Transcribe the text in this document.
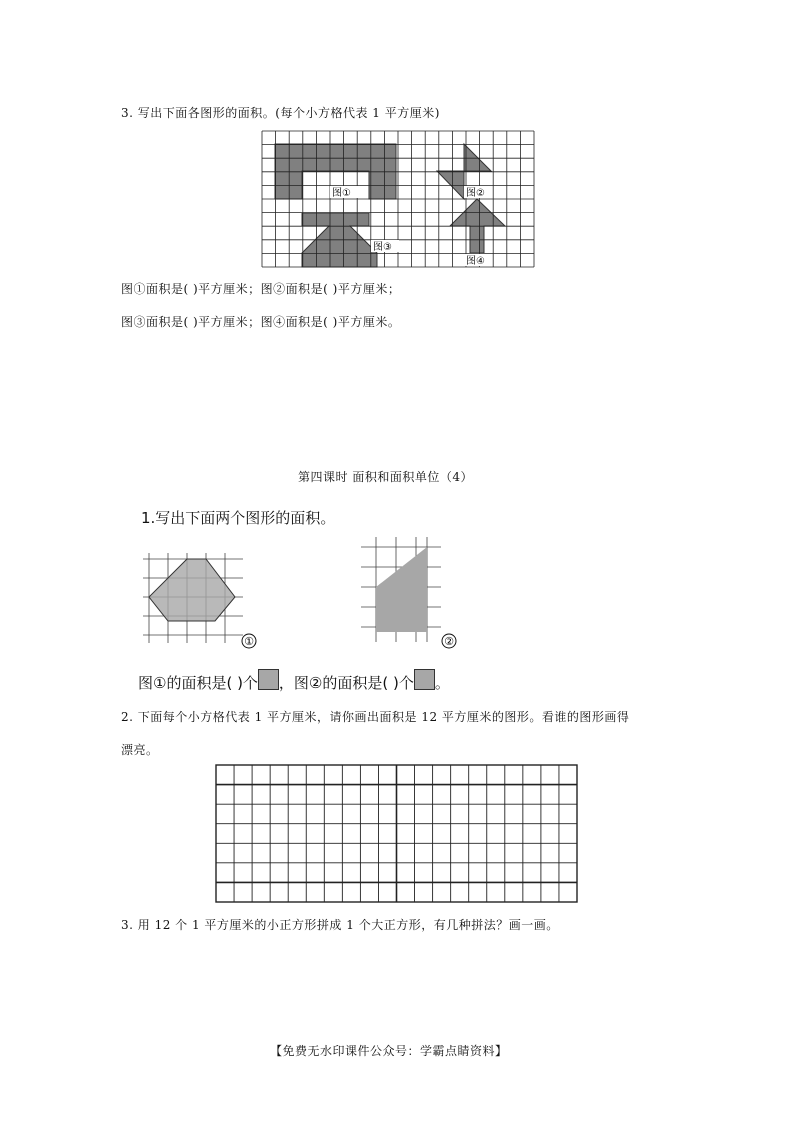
3. 写出下面各图形的面积。(每个小方格代表 1 平方厘米)
图①	图②
图③
图④
图①面积是( )平方厘米；图②面积是( )平方厘米；
图③面积是( )平方厘米；图④面积是( )平方厘米。
第四课时 面积和面积单位（4）
1.写出下面两个图形的面积。
①	②
图①的面积是( )个 ，图②的面积是( )个 。
2. 下面每个小方格代表 1 平方厘米，请你画出面积是 12 平方厘米的图形。看谁的图形画得
漂亮。
3. 用 12 个 1 平方厘米的小正方形拼成 1 个大正方形，有几种拼法？画一画。
【免费无水印课件公众号：学霸点睛资料】
